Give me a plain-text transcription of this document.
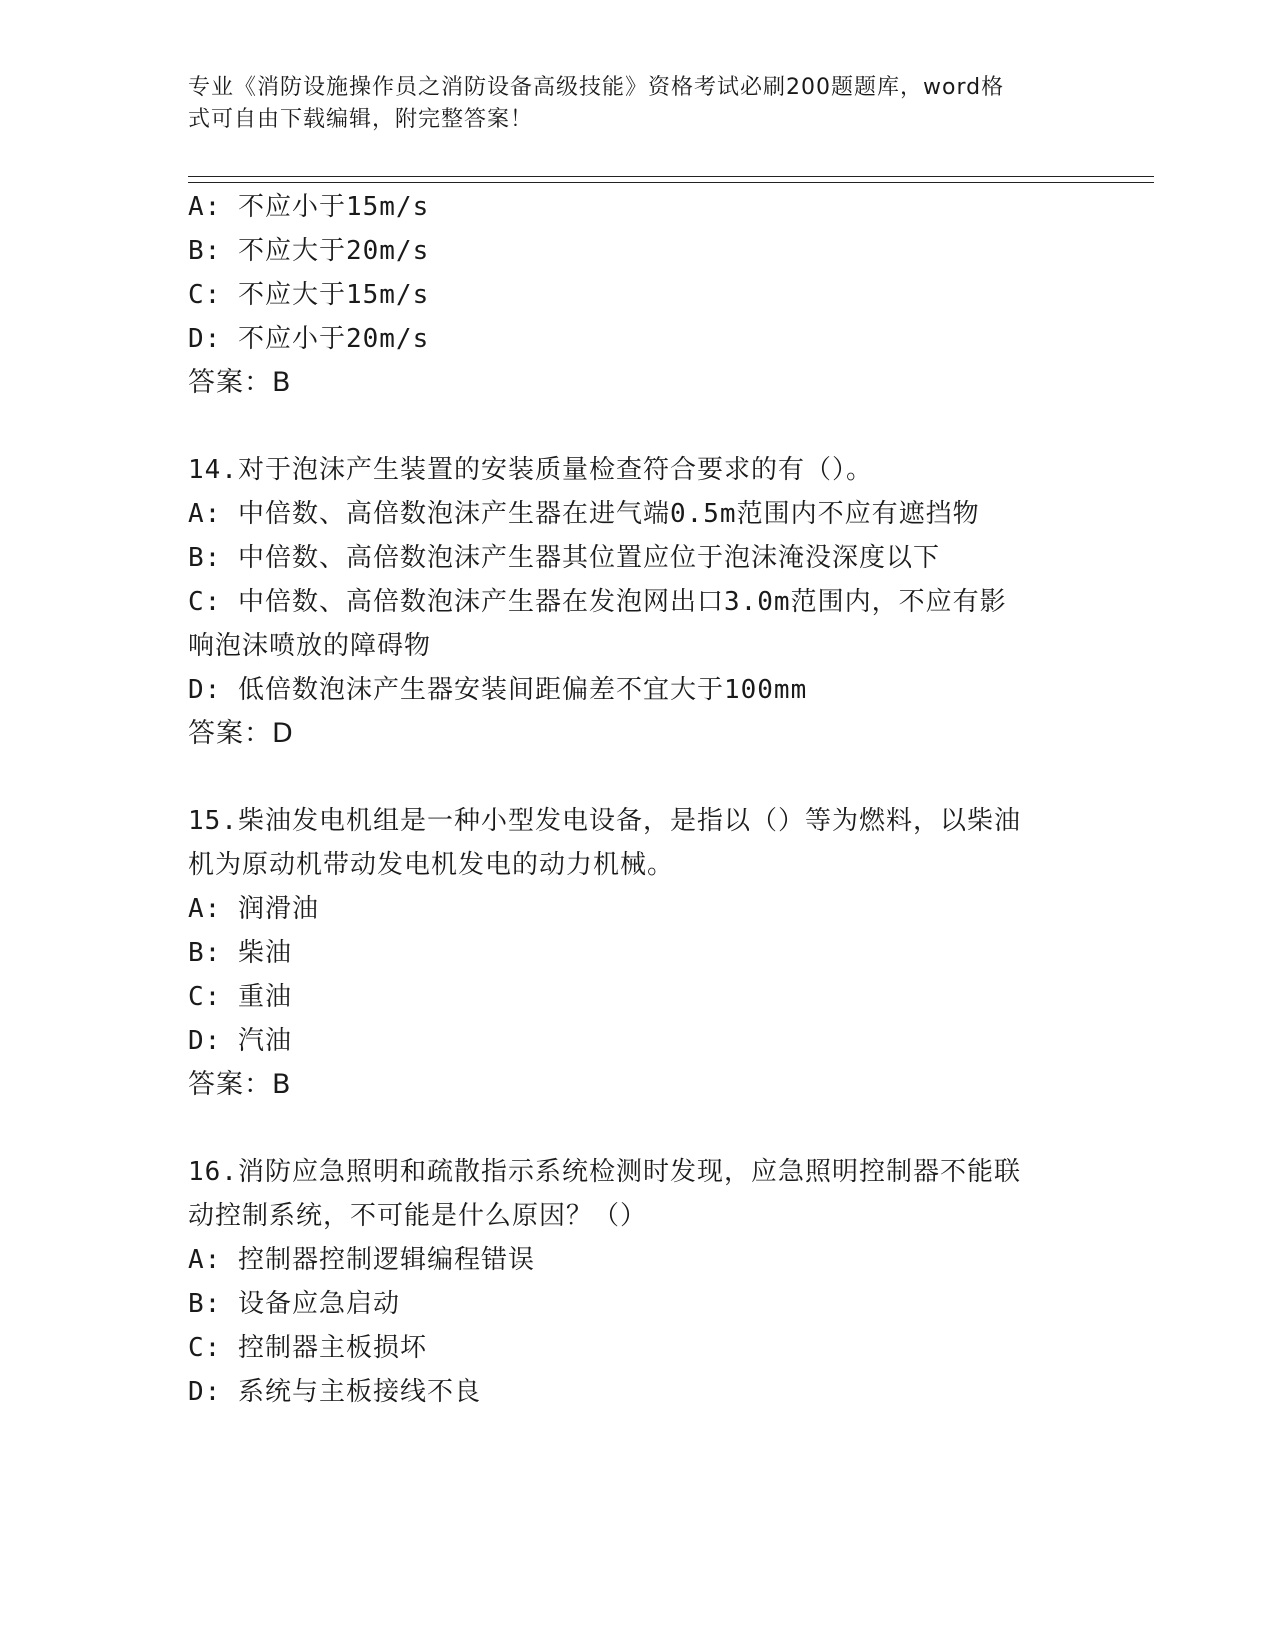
专业《消防设施操作员之消防设备高级技能》资格考试必刷200题题库，word格
式可自由下载编辑，附完整答案！
A: 不应小于15m/s
B: 不应大于20m/s
C: 不应大于15m/s
D: 不应小于20m/s
答案：B
14.对于泡沫产生装置的安装质量检查符合要求的有（）。
A: 中倍数、高倍数泡沫产生器在进气端0.5m范围内不应有遮挡物
B: 中倍数、高倍数泡沫产生器其位置应位于泡沫淹没深度以下
C: 中倍数、高倍数泡沫产生器在发泡网出口3.0m范围内，不应有影
响泡沫喷放的障碍物
D: 低倍数泡沫产生器安装间距偏差不宜大于100mm
答案：D
15.柴油发电机组是一种小型发电设备，是指以（）等为燃料，以柴油
机为原动机带动发电机发电的动力机械。
A: 润滑油
B: 柴油
C: 重油
D: 汽油
答案：B
16.消防应急照明和疏散指示系统检测时发现，应急照明控制器不能联
动控制系统，不可能是什么原因？（）
A: 控制器控制逻辑编程错误
B: 设备应急启动
C: 控制器主板损坏
D: 系统与主板接线不良
